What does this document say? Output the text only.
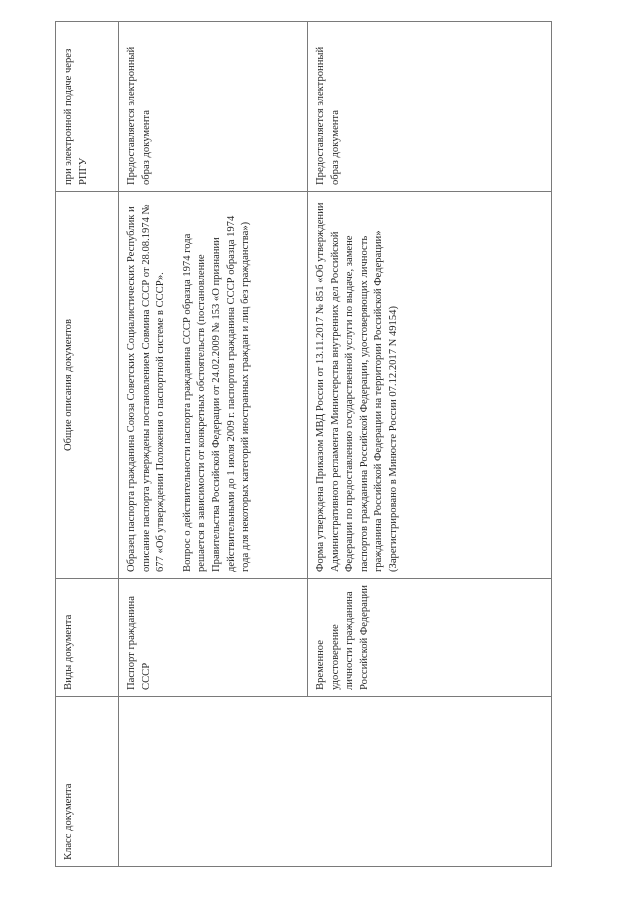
Класс документа	Виды документа	Общие описания документов	при электронной подаче через РПГУ
	Паспорт гражданина СССР	Образец паспорта гражданина Союза Советских Социалистических Республик и описание паспорта утверждены постановлением Совмина СССР от 28.08.1974 № 677 «Об утверждении Положения о паспортной системе в СССР». Вопрос о действительности паспорта гражданина СССР образца 1974 года решается в зависимости от конкретных обстоятельств (постановление Правительства Российской Федерации от 24.02.2009 № 153 «О признании действительными до 1 июля 2009 г. паспортов гражданина СССР образца 1974 года для некоторых категорий иностранных граждан и лиц без гражданства»)	Предоставляется электронный образ документа
	Временное удостоверение личности гражданина Российской Федерации	Форма утверждена Приказом МВД России от 13.11.2017 № 851 «Об утверждении Административного регламента Министерства внутренних дел Российской Федерации по предоставлению государственной услуги по выдаче, замене паспортов гражданина Российской Федерации, удостоверяющих личность гражданина Российской Федерации на территории Российской Федерации» (Зарегистрировано в Минюсте России 07.12.2017 N 49154)	Предоставляется электронный образ документа
